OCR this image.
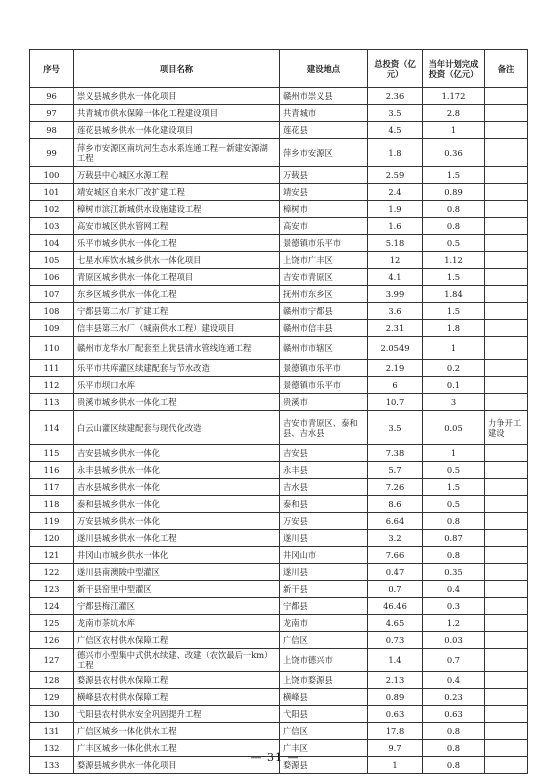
序号	项目名称	建设地点	总投资（亿元）	当年计划完成投资（亿元）	备注
96	崇义县城乡供水一体化项目	赣州市崇义县	2.36	1.172	
97	共青城市供水保障一体化工程建设项目	共青城市	3.5	2.8	
98	莲花县城乡供水一体化建设项目	莲花县	4.5	1	
99	萍乡市安源区南坑河生态水系连通工程－新建安源湖工程	萍乡市安源区	1.8	0.36	
100	万载县中心城区水源工程	万载县	2.59	1.5	
101	靖安城区自来水厂改扩建工程	靖安县	2.4	0.89	
102	樟树市滨江新城供水设施建设工程	樟树市	1.9	0.8	
103	高安市城区供水管网工程	高安市	1.6	0.8	
104	乐平市城乡供水一体化工程	景德镇市乐平市	5.18	0.5	
105	七星水库饮水城乡供水一体化项目	上饶市广丰区	12	1.12	
106	青原区城乡供水一体化工程项目	吉安市青原区	4.1	1.5	
107	东乡区城乡供水一体化工程	抚州市东乡区	3.99	1.84	
108	宁都县第二水厂扩建工程	赣州市宁都县	3.6	1.5	
109	信丰县第三水厂（城南供水工程）建设项目	赣州市信丰县	2.31	1.8	
110	赣州市龙华水厂配套至上犹县清水管线连通工程	赣州市市辖区	2.0549	1	
111	乐平市共库灌区续建配套与节水改造	景德镇市乐平市	2.19	0.2	
112	乐平市坝口水库	景德镇市乐平市	6	0.1	
113	贵溪市城乡供水一体化工程	贵溪市	10.7	3	
114	白云山灌区续建配套与现代化改造	吉安市青原区、泰和县、吉水县	3.5	0.05	力争开工建设
115	吉安县城乡供水一体化	吉安县	7.38	1	
116	永丰县城乡供水一体化	永丰县	5.7	0.5	
117	吉水县城乡供水一体化	吉水县	7.26	1.5	
118	泰和县城乡供水一体化	泰和县	8.6	0.5	
119	万安县城乡供水一体化	万安县	6.64	0.8	
120	遂川县城乡供水一体化工程	遂川县	3.2	0.87	
121	井冈山市城乡供水一体化	井冈山市	7.66	0.8	
122	遂川县南澳陂中型灌区	遂川县	0.47	0.35	
123	新干县窑里中型灌区	新干县	0.7	0.4	
124	宁都县梅江灌区	宁都县	46.46	0.3	
125	龙南市茶坑水库	龙南市	4.65	1.2	
126	广信区农村供水保障工程	广信区	0.73	0.03	
127	德兴市小型集中式供水续建、改建（农饮最后一km）工程	上饶市德兴市	1.4	0.7	
128	婺源县农村供水保障工程	上饶市婺源县	2.13	0.4	
129	横峰县农村供水保障工程	横峰县	0.89	0.23	
130	弋阳县农村供水安全巩固提升工程	弋阳县	0.63	0.63	
131	广信区城乡一体化供水工程	广信区	17.8	0.8	
132	广丰区城乡一体化供水工程	广丰区	9.7	0.8	
133	婺源县城乡供水一体化项目	婺源县	1	0.8	
— 31 —
